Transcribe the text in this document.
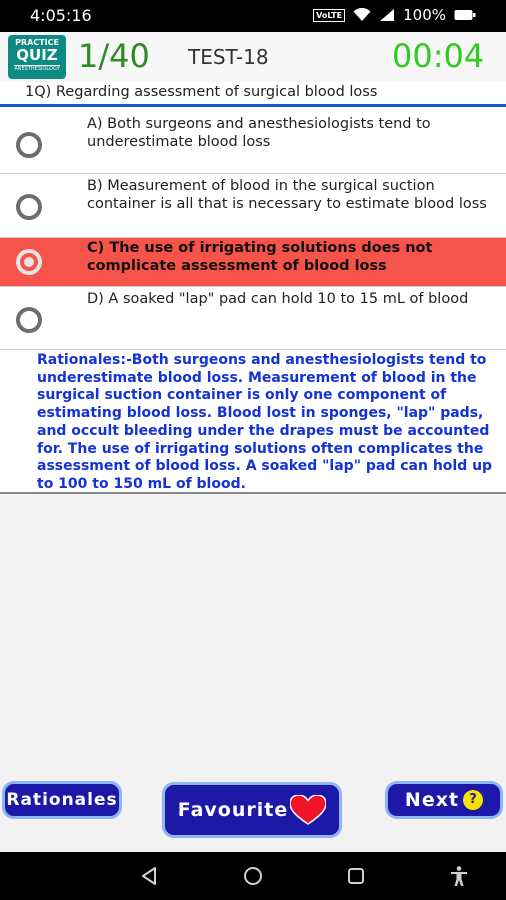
4:05:16	VoLTE	100%
PRACTICE
QUIZ
ANESTHESIOLOGY 1/40 TEST-18	00:04
1Q) Regarding assessment of surgical blood loss
A) Both surgeons and anesthesiologists tend to underestimate blood loss
B) Measurement of blood in the surgical suction container is all that is necessary to estimate blood loss
C) The use of irrigating solutions does not complicate assessment of blood loss
D) A soaked "lap" pad can hold 10 to 15 mL of blood

Rationales:-Both surgeons and anesthesiologists tend to underestimate blood loss. Measurement of blood in the surgical suction container is only one component of estimating blood loss. Blood lost in sponges, "lap" pads, and occult bleeding under the drapes must be accounted for. The use of irrigating solutions often complicates the assessment of blood loss. A soaked "lap" pad can hold up to 100 to 150 mL of blood.

Rationales	Favourite	Next ?
